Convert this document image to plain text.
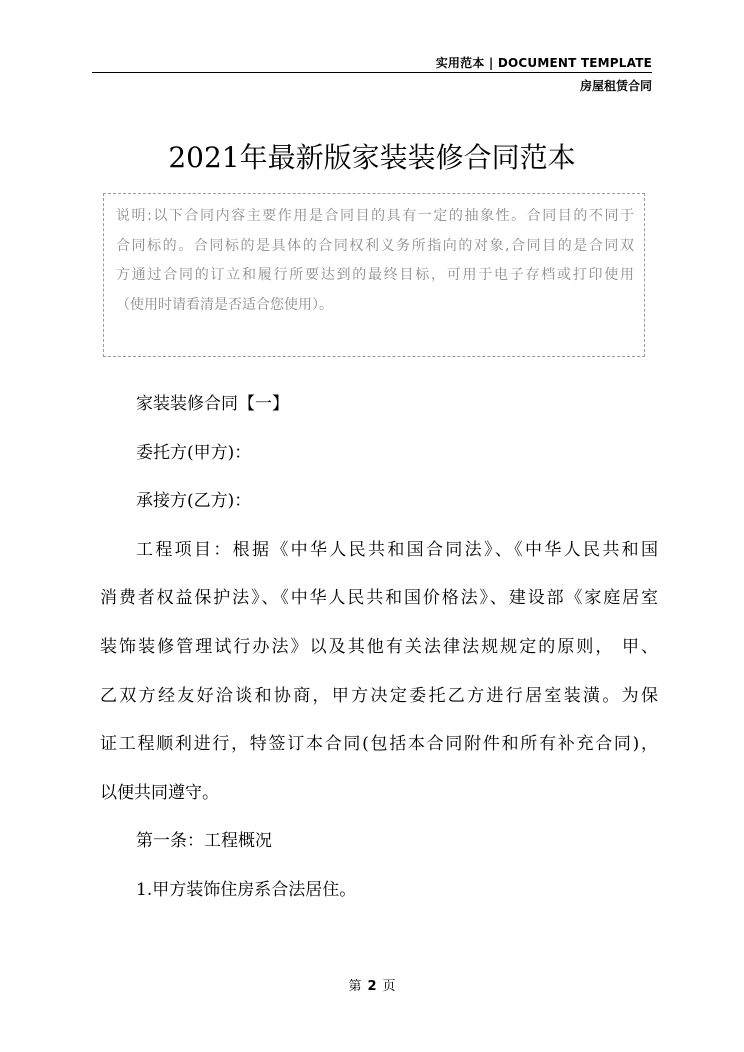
实用范本 | DOCUMENT TEMPLATE
房屋租赁合同
2021年最新版家装装修合同范本
说明:以下合同内容主要作用是合同目的具有一定的抽象性。合同目的不同于
合同标的。合同标的是具体的合同权利义务所指向的对象,合同目的是合同双
方通过合同的订立和履行所要达到的最终目标，可用于电子存档或打印使用
（使用时请看清是否适合您使用）。
家装装修合同【一】
委托方(甲方)：
承接方(乙方)：
工程项目：根据《中华人民共和国合同法》、《中华人民共和国
消费者权益保护法》、《中华人民共和国价格法》、建设部《家庭居室
装饰装修管理试行办法》以及其他有关法律法规规定的原则， 甲、
乙双方经友好洽谈和协商，甲方决定委托乙方进行居室装潢。为保
证工程顺利进行，特签订本合同(包括本合同附件和所有补充合同)，
以便共同遵守。
第一条：工程概况
1.甲方装饰住房系合法居住。
第 2 页
